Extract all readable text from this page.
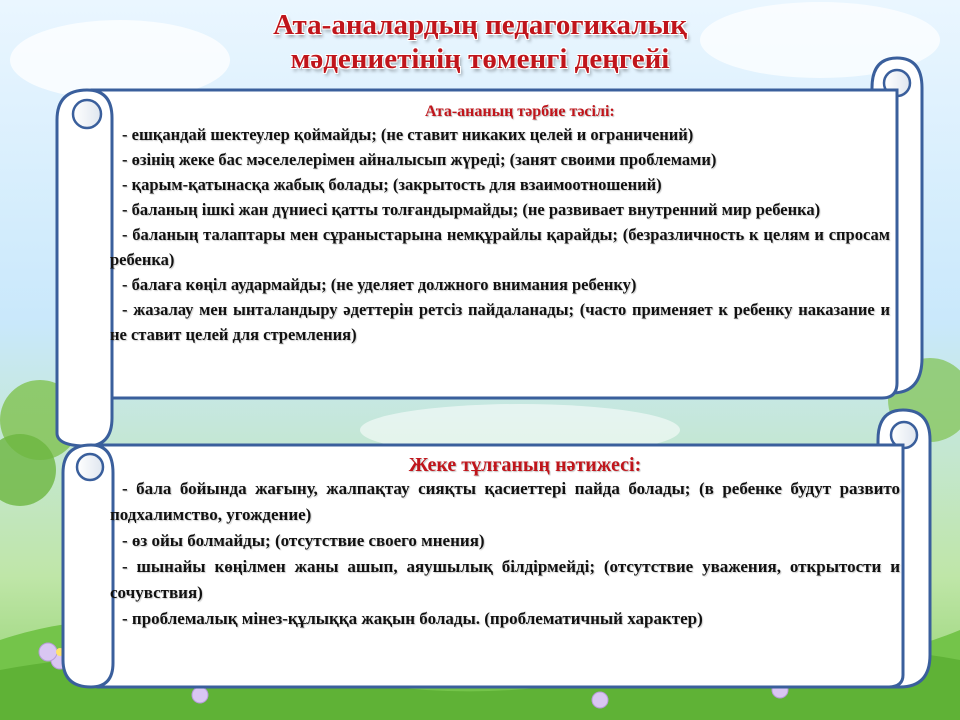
Ата-аналардың педагогикалық
мәдениетінің төменгі деңгейі
Ата-ананың тәрбие тәсілі:
- ешқандай шектеулер қоймайды; (не ставит никаких целей и ограничений)
- өзінің жеке бас мәселелерімен айналысып жүреді; (занят своими проблемами)
- қарым-қатынасқа жабық болады; (закрытость для взаимоотношений)
- баланың ішкі жан дүниесі қатты толғандырмайды; (не развивает внутренний мир ребенка)
- баланың талаптары мен сұраныстарына немқұрайлы қарайды; (безразличность к целям и спросам ребенка)
- балаға көңіл аудармайды; (не уделяет должного внимания ребенку)
- жазалау мен ынталандыру әдеттерін ретсіз пайдаланады; (часто применяет к ребенку наказание и не ставит целей для стремления)
Жеке тұлғаның нәтижесі:
- бала бойында жағыну, жалпақтау сияқты қасиеттері пайда болады; (в ребенке будут развито подхалимство, угождение)
- өз ойы болмайды; (отсутствие своего мнения)
- шынайы көңілмен жаны ашып, аяушылық білдірмейді; (отсутствие уважения, открытости и сочувствия)
- проблемалық мінез-құлыққа жақын болады. (проблематичный характер)
